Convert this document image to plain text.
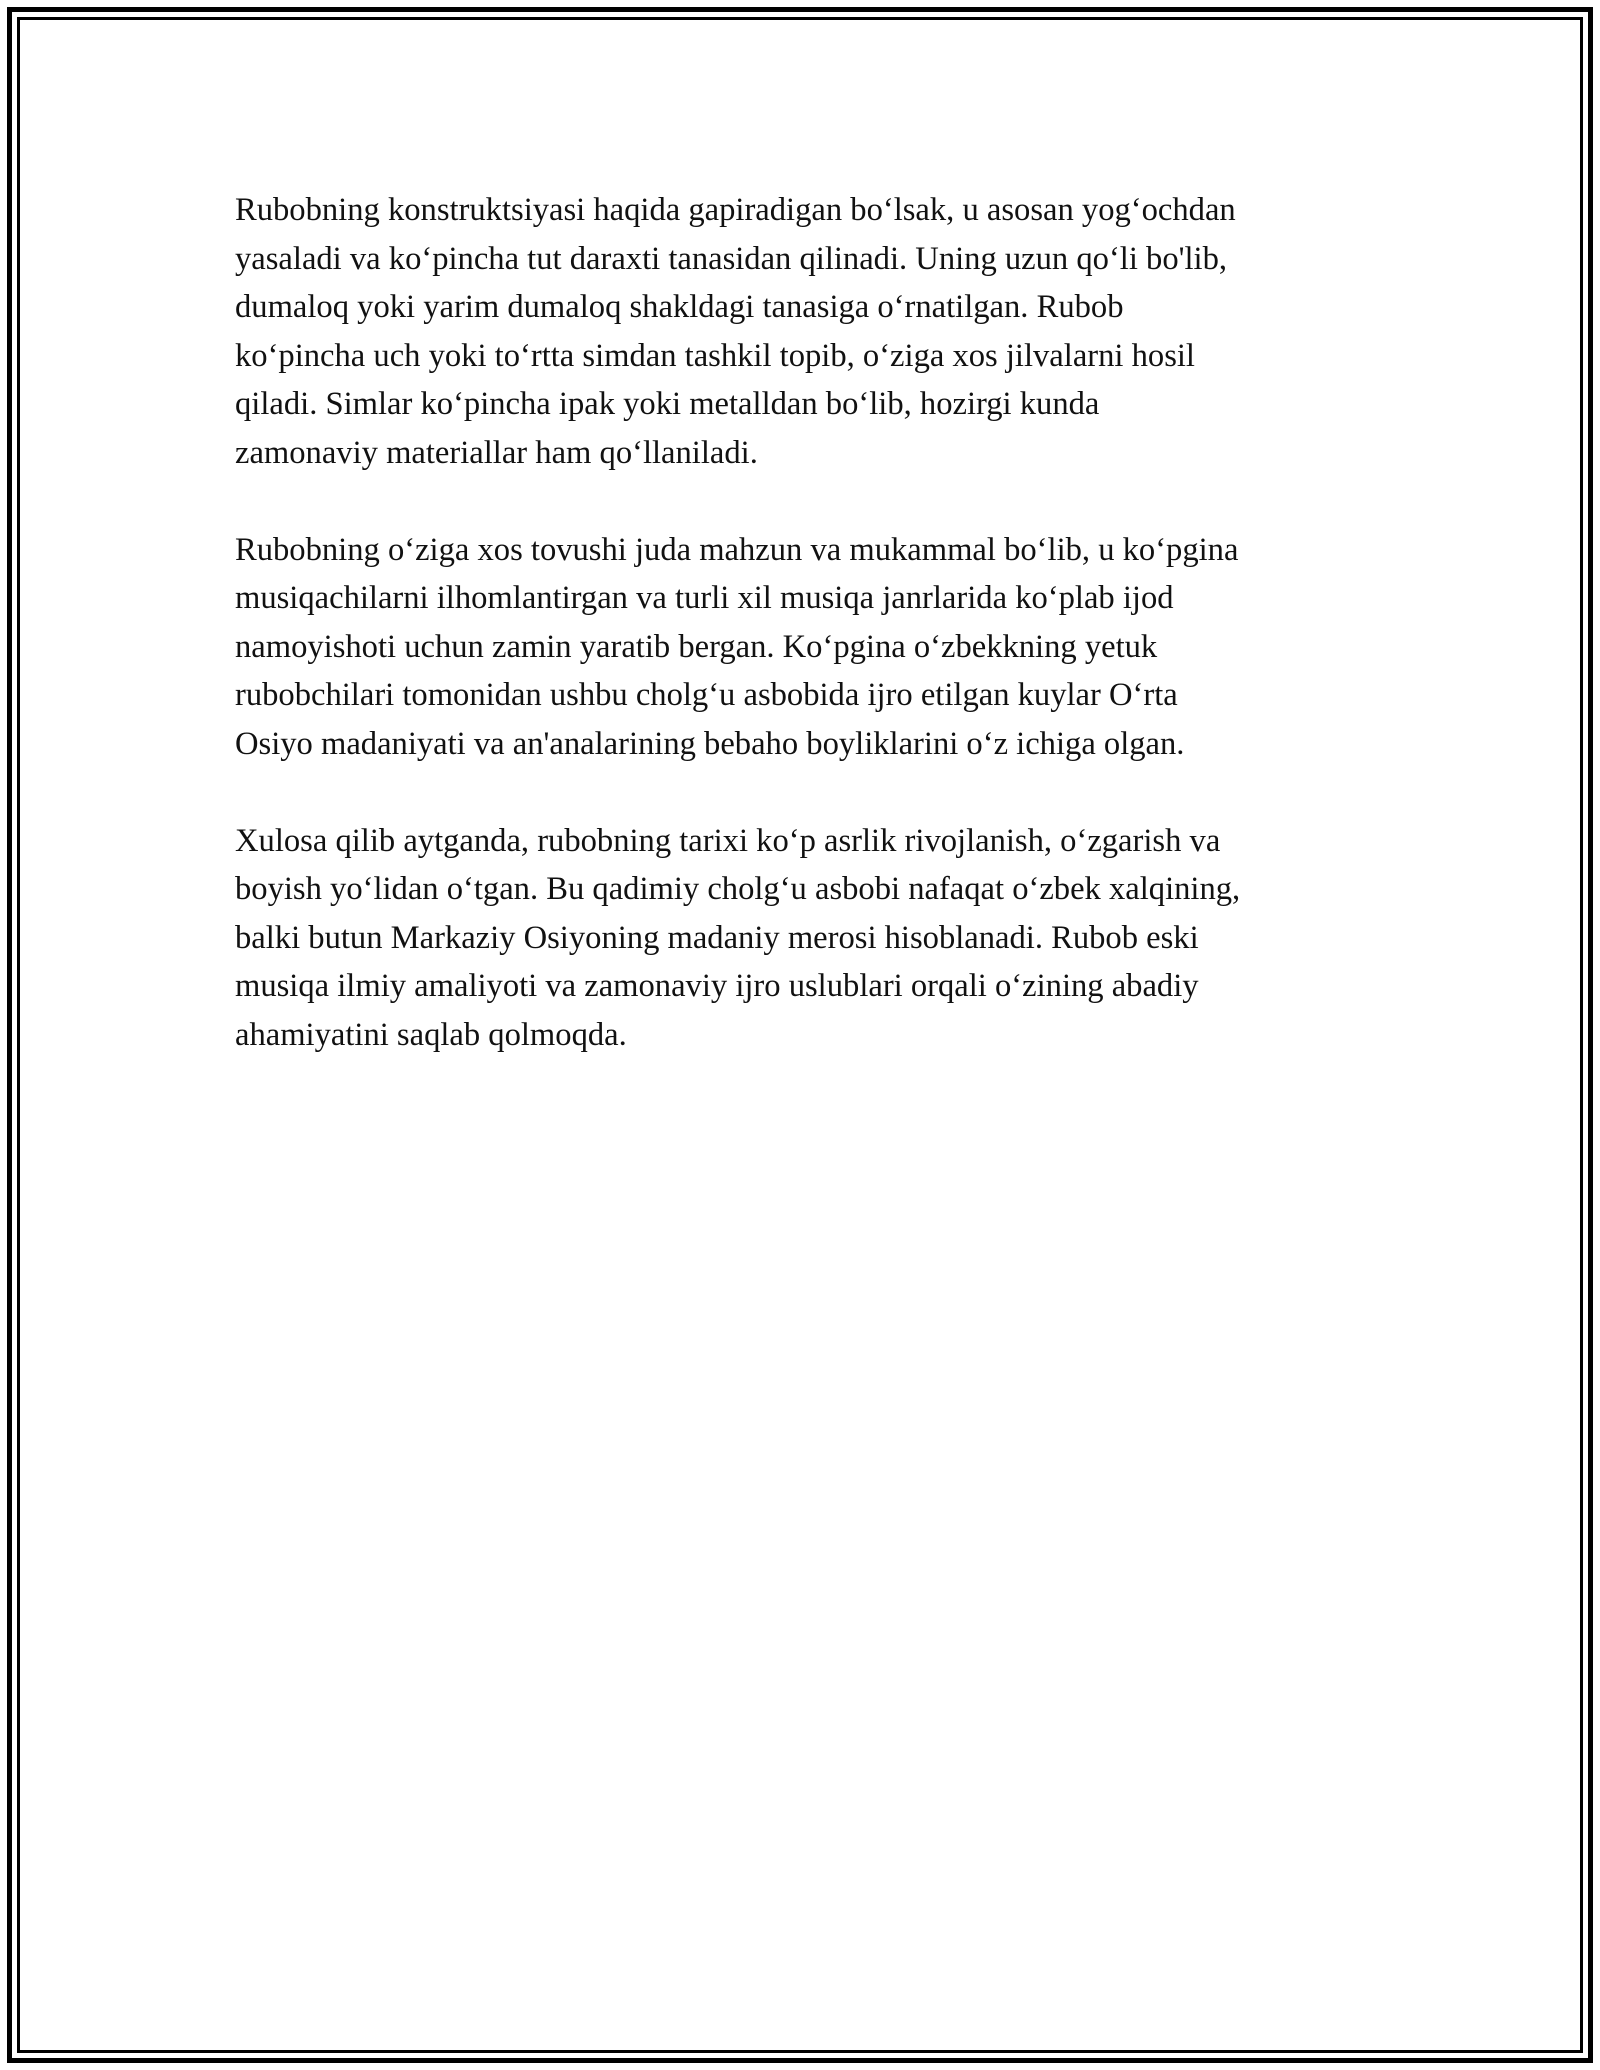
Rubobning konstruktsiyasi haqida gapiradigan boʻlsak, u asosan yogʻochdan
yasaladi va koʻpincha tut daraxti tanasidan qilinadi. Uning uzun qoʻli bo'lib,
dumaloq yoki yarim dumaloq shakldagi tanasiga oʻrnatilgan. Rubob
koʻpincha uch yoki toʻrtta simdan tashkil topib, oʻziga xos jilvalarni hosil
qiladi. Simlar koʻpincha ipak yoki metalldan boʻlib, hozirgi kunda
zamonaviy materiallar ham qoʻllaniladi.

Rubobning oʻziga xos tovushi juda mahzun va mukammal boʻlib, u koʻpgina
musiqachilarni ilhomlantirgan va turli xil musiqa janrlarida koʻplab ijod
namoyishoti uchun zamin yaratib bergan. Koʻpgina oʻzbekkning yetuk
rubobchilari tomonidan ushbu cholgʻu asbobida ijro etilgan kuylar Oʻrta
Osiyo madaniyati va an'analarining bebaho boyliklarini oʻz ichiga olgan.

Xulosa qilib aytganda, rubobning tarixi koʻp asrlik rivojlanish, oʻzgarish va
boyish yoʻlidan oʻtgan. Bu qadimiy cholgʻu asbobi nafaqat oʻzbek xalqining,
balki butun Markaziy Osiyoning madaniy merosi hisoblanadi. Rubob eski
musiqa ilmiy amaliyoti va zamonaviy ijro uslublari orqali oʻzining abadiy
ahamiyatini saqlab qolmoqda.
